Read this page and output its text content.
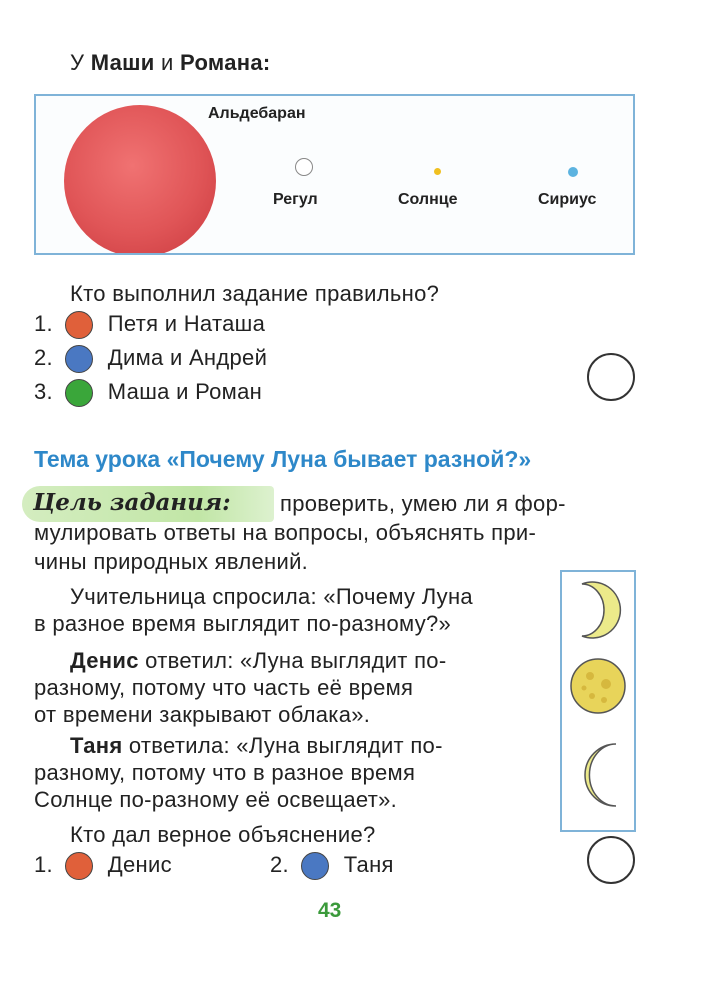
У Маши и Романа:
Альдебаран
Регул	Солнце	Сириус
Кто выполнил задание правильно?
1. Петя и Наташа
2. Дима и Андрей
3. Маша и Роман
Тема урока «Почему Луна бывает разной?»
Цель задания: проверить, умею ли я фор-
мулировать ответы на вопросы, объяснять при-
чины природных явлений.
Учительница спросила: «Почему Луна
в разное время выглядит по-разному?»
Денис ответил: «Луна выглядит по-
разному, потому что часть её время
от времени закрывают облака».
Таня ответила: «Луна выглядит по-
разному, потому что в разное время
Солнце по-разному её освещает».
Кто дал верное объяснение?
1. Денис	2. Таня
43
